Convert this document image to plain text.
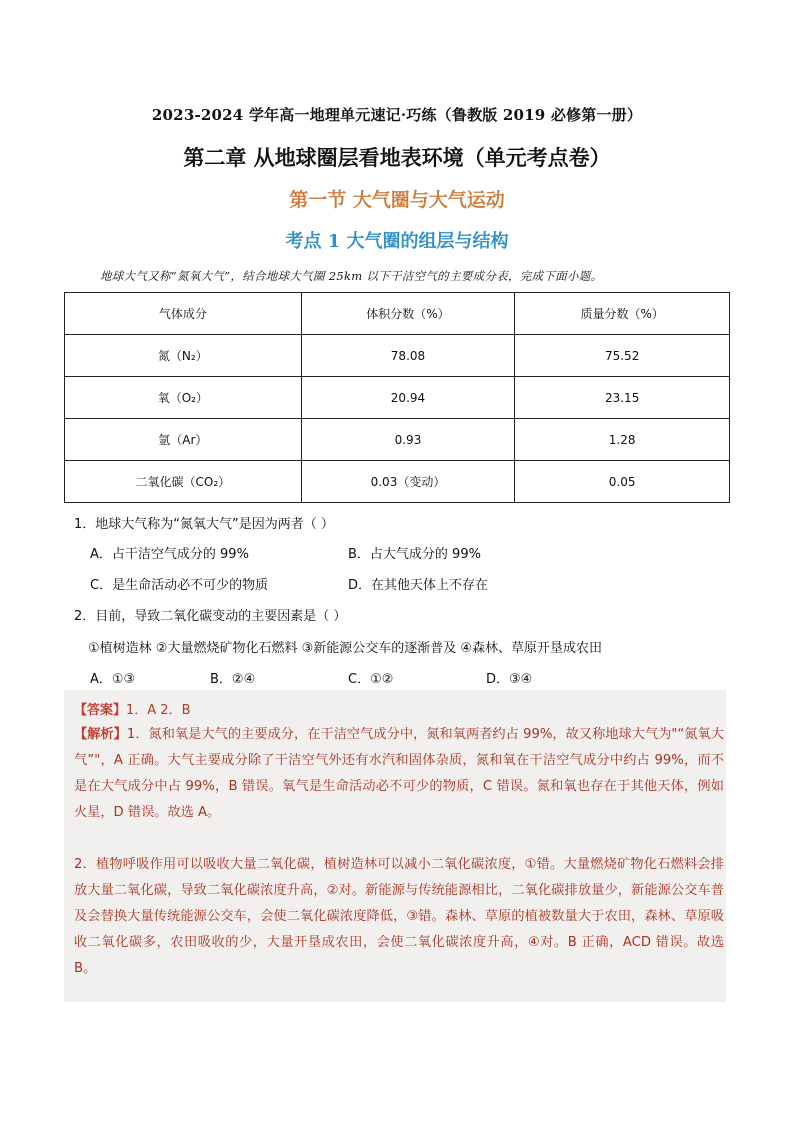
2023-2024 学年高一地理单元速记·巧练（鲁教版 2019 必修第一册）
第二章 从地球圈层看地表环境（单元考点卷）
第一节 大气圈与大气运动
考点 1 大气圈的组层与结构
地球大气又称“氮氧大气”，结合地球大气圈 25km 以下干洁空气的主要成分表，完成下面小题。
气体成分	体积分数（%）	质量分数（%）
氮（N₂）	78.08	75.52
氧（O₂）	20.94	23.15
氩（Ar）	0.93	1.28
二氧化碳（CO₂）	0.03（变动）	0.05
1．地球大气称为“氮氧大气”是因为两者（ ）
A．占干洁空气成分的 99%	B．占大气成分的 99%
C．是生命活动必不可少的物质	D．在其他天体上不存在
2．目前，导致二氧化碳变动的主要因素是（ ）
①植树造林 ②大量燃烧矿物化石燃料 ③新能源公交车的逐渐普及 ④森林、草原开垦成农田
A．①③	B．②④	C．①②	D．③④
【答案】1．A 2．B
【解析】1．氮和氧是大气的主要成分，在干洁空气成分中，氮和氧两者约占 99%，故又称地球大气为"“氮氧大气”"，A 正确。大气主要成分除了干洁空气外还有水汽和固体杂质，氮和氧在干洁空气成分中约占 99%，而不是在大气成分中占 99%，B 错误。氧气是生命活动必不可少的物质，C 错误。氮和氧也存在于其他天体，例如火星，D 错误。故选 A。
2．植物呼吸作用可以吸收大量二氧化碳，植树造林可以减小二氧化碳浓度，①错。大量燃烧矿物化石燃料会排放大量二氧化碳，导致二氧化碳浓度升高，②对。新能源与传统能源相比，二氧化碳排放量少，新能源公交车普及会替换大量传统能源公交车，会使二氧化碳浓度降低，③错。森林、草原的植被数量大于农田，森林、草原吸收二氧化碳多，农田吸收的少，大量开垦成农田，会使二氧化碳浓度升高，④对。B 正确，ACD 错误。故选 B。
